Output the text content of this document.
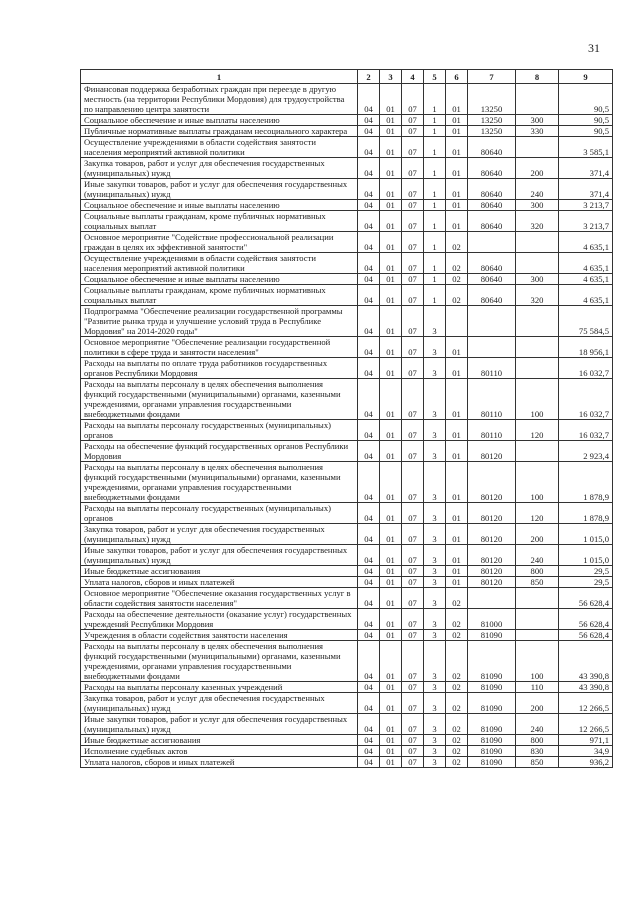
31
1	2	3	4	5	6	7	8	9
Финансовая поддержка безработных граждан при переезде в другую местность (на территории Республики Мордовия) для трудоустройства по направлению центра занятости	04	01	07	1	01	13250		90,5
Социальное обеспечение и иные выплаты населению	04	01	07	1	01	13250	300	90,5
Публичные нормативные выплаты гражданам несоциального характера	04	01	07	1	01	13250	330	90,5
Осуществление учреждениями в области содействия занятости населения мероприятий активной политики	04	01	07	1	01	80640		3 585,1
Закупка товаров, работ и услуг для обеспечения государственных (муниципальных) нужд	04	01	07	1	01	80640	200	371,4
Иные закупки товаров, работ и услуг для обеспечения государственных (муниципальных) нужд	04	01	07	1	01	80640	240	371,4
Социальное обеспечение и иные выплаты населению	04	01	07	1	01	80640	300	3 213,7
Социальные выплаты гражданам, кроме публичных нормативных социальных выплат	04	01	07	1	01	80640	320	3 213,7
Основное мероприятие "Содействие профессиональной реализации граждан в целях их эффективной занятости"	04	01	07	1	02			4 635,1
Осуществление учреждениями в области содействия занятости населения мероприятий активной политики	04	01	07	1	02	80640		4 635,1
Социальное обеспечение и иные выплаты населению	04	01	07	1	02	80640	300	4 635,1
Социальные выплаты гражданам, кроме публичных нормативных социальных выплат	04	01	07	1	02	80640	320	4 635,1
Подпрограмма "Обеспечение реализации государственной программы "Развитие рынка труда и улучшение условий труда в Республике Мордовия" на 2014-2020 годы"	04	01	07	3				75 584,5
Основное мероприятие "Обеспечение реализации государственной политики в сфере труда и занятости населения"	04	01	07	3	01			18 956,1
Расходы на выплаты по оплате труда работников государственных органов Республики Мордовия	04	01	07	3	01	80110		16 032,7
Расходы на выплаты персоналу в целях обеспечения выполнения функций государственными (муниципальными) органами, казенными учреждениями, органами управления государственными внебюджетными фондами	04	01	07	3	01	80110	100	16 032,7
Расходы на выплаты персоналу государственных (муниципальных) органов	04	01	07	3	01	80110	120	16 032,7
Расходы на обеспечение функций государственных органов Республики Мордовия	04	01	07	3	01	80120		2 923,4
Расходы на выплаты персоналу в целях обеспечения выполнения функций государственными (муниципальными) органами, казенными учреждениями, органами управления государственными внебюджетными фондами	04	01	07	3	01	80120	100	1 878,9
Расходы на выплаты персоналу государственных (муниципальных) органов	04	01	07	3	01	80120	120	1 878,9
Закупка товаров, работ и услуг для обеспечения государственных (муниципальных) нужд	04	01	07	3	01	80120	200	1 015,0
Иные закупки товаров, работ и услуг для обеспечения государственных (муниципальных) нужд	04	01	07	3	01	80120	240	1 015,0
Иные бюджетные ассигнования	04	01	07	3	01	80120	800	29,5
Уплата налогов, сборов и иных платежей	04	01	07	3	01	80120	850	29,5
Основное мероприятие "Обеспечение оказания государственных услуг в области содействия занятости населения"	04	01	07	3	02			56 628,4
Расходы на обеспечение деятельности (оказание услуг) государственных учреждений Республики Мордовия	04	01	07	3	02	81000		56 628,4
Учреждения в области содействия занятости населения	04	01	07	3	02	81090		56 628,4
Расходы на выплаты персоналу в целях обеспечения выполнения функций государственными (муниципальными) органами, казенными учреждениями, органами управления государственными внебюджетными фондами	04	01	07	3	02	81090	100	43 390,8
Расходы на выплаты персоналу казенных учреждений	04	01	07	3	02	81090	110	43 390,8
Закупка товаров, работ и услуг для обеспечения государственных (муниципальных) нужд	04	01	07	3	02	81090	200	12 266,5
Иные закупки товаров, работ и услуг для обеспечения государственных (муниципальных) нужд	04	01	07	3	02	81090	240	12 266,5
Иные бюджетные ассигнования	04	01	07	3	02	81090	800	971,1
Исполнение судебных актов	04	01	07	3	02	81090	830	34,9
Уплата налогов, сборов и иных платежей	04	01	07	3	02	81090	850	936,2
